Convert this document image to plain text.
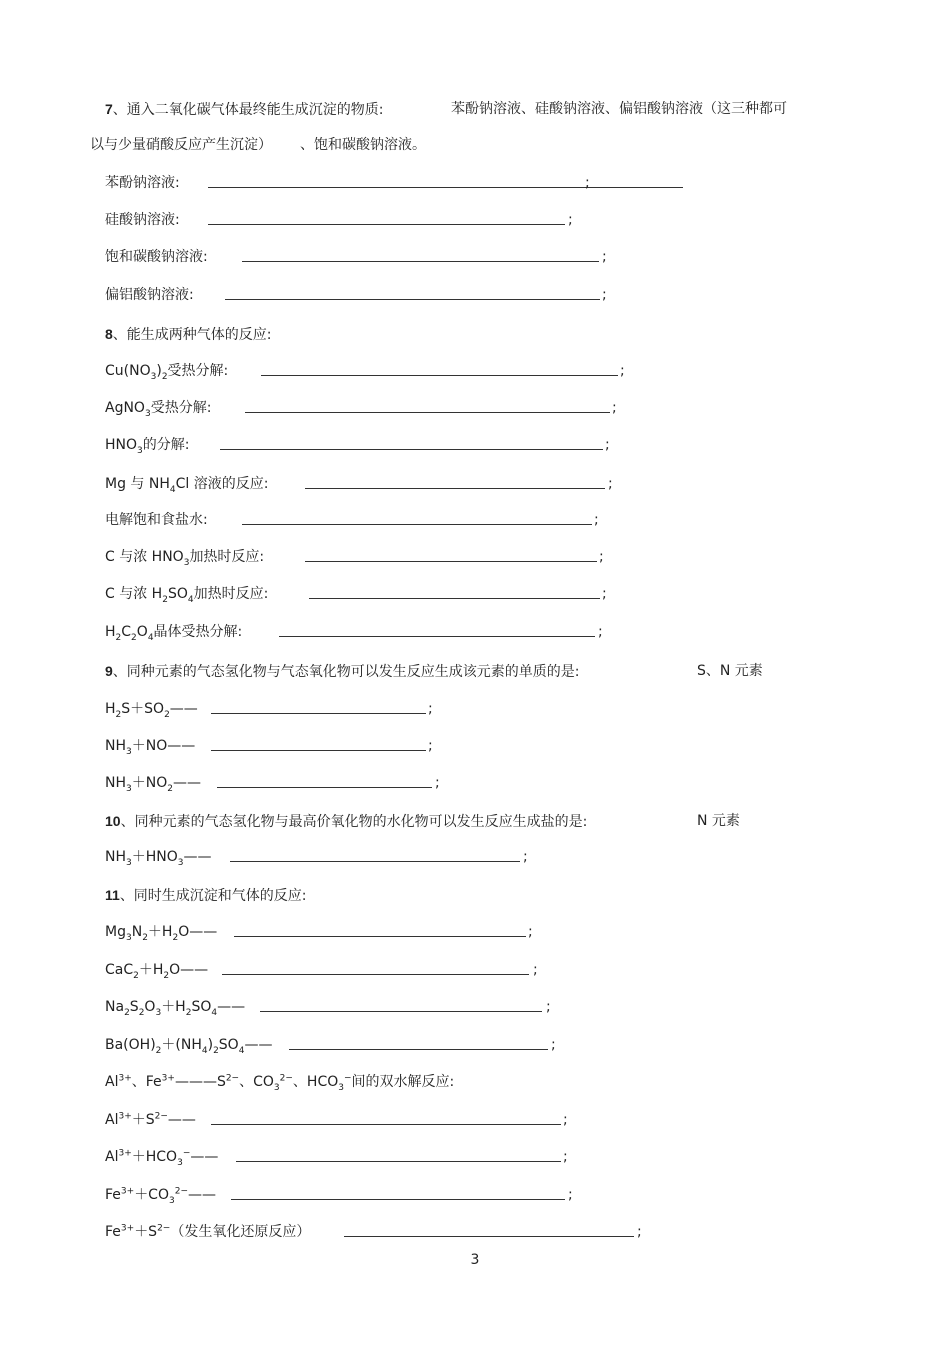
7、通入二氧化碳气体最终能生成沉淀的物质:	苯酚钠溶液、硅酸钠溶液、偏铝酸钠溶液（这三种都可
以与少量硝酸反应产生沉淀） 、饱和碳酸钠溶液。
苯酚钠溶液:	;
硅酸钠溶液:	;
饱和碳酸钠溶液:	;
偏铝酸钠溶液:	;
8、能生成两种气体的反应:
$Cu(NO_3)_2$受热分解:	;
AgNO$_3$受热分解:	;
$HNO_3$的分解:	;
Mg 与 $NH_4Cl$ 溶液的反应:	;
电解饱和食盐水:	;
C 与浓 $HNO_3$加热时反应:	;
C 与浓 $H_2SO_4$加热时反应:	;
$H_2C_2O_4$晶体受热分解:	;
9、同种元素的气态氢化物与气态氧化物可以发生反应生成该元素的单质的是:	S、N 元素
$H_2S+SO_2——$	;
$NH_3+NO——$	;
$NH_3+NO_2——$	;
10、同种元素的气态氢化物与最高价氧化物的水化物可以发生反应生成盐的是:	N 元素
$NH_3+HNO_3——$	;
11、同时生成沉淀和气体的反应:
$Mg_3N_2+H_2O——$	;
$CaC_2+H_2O——$	;
$Na_2S_2O_3+H_2SO_4——$	;
$Ba(OH)_2+(NH_4)_2SO_4——$	;
$Al^{3+}$、$Fe^{3+}———S^{2-}$、$CO_3^{2-}$、$HCO_3^-$间的双水解反应:
$Al^{3+}+S^{2-}——$	;
$Al^{3+}+HCO_3^-——$	;
$Fe^{3+}+CO_3^{2-}——$	;
$Fe^{3+}+S^{2-}$（发生氧化还原反应）	;
3
